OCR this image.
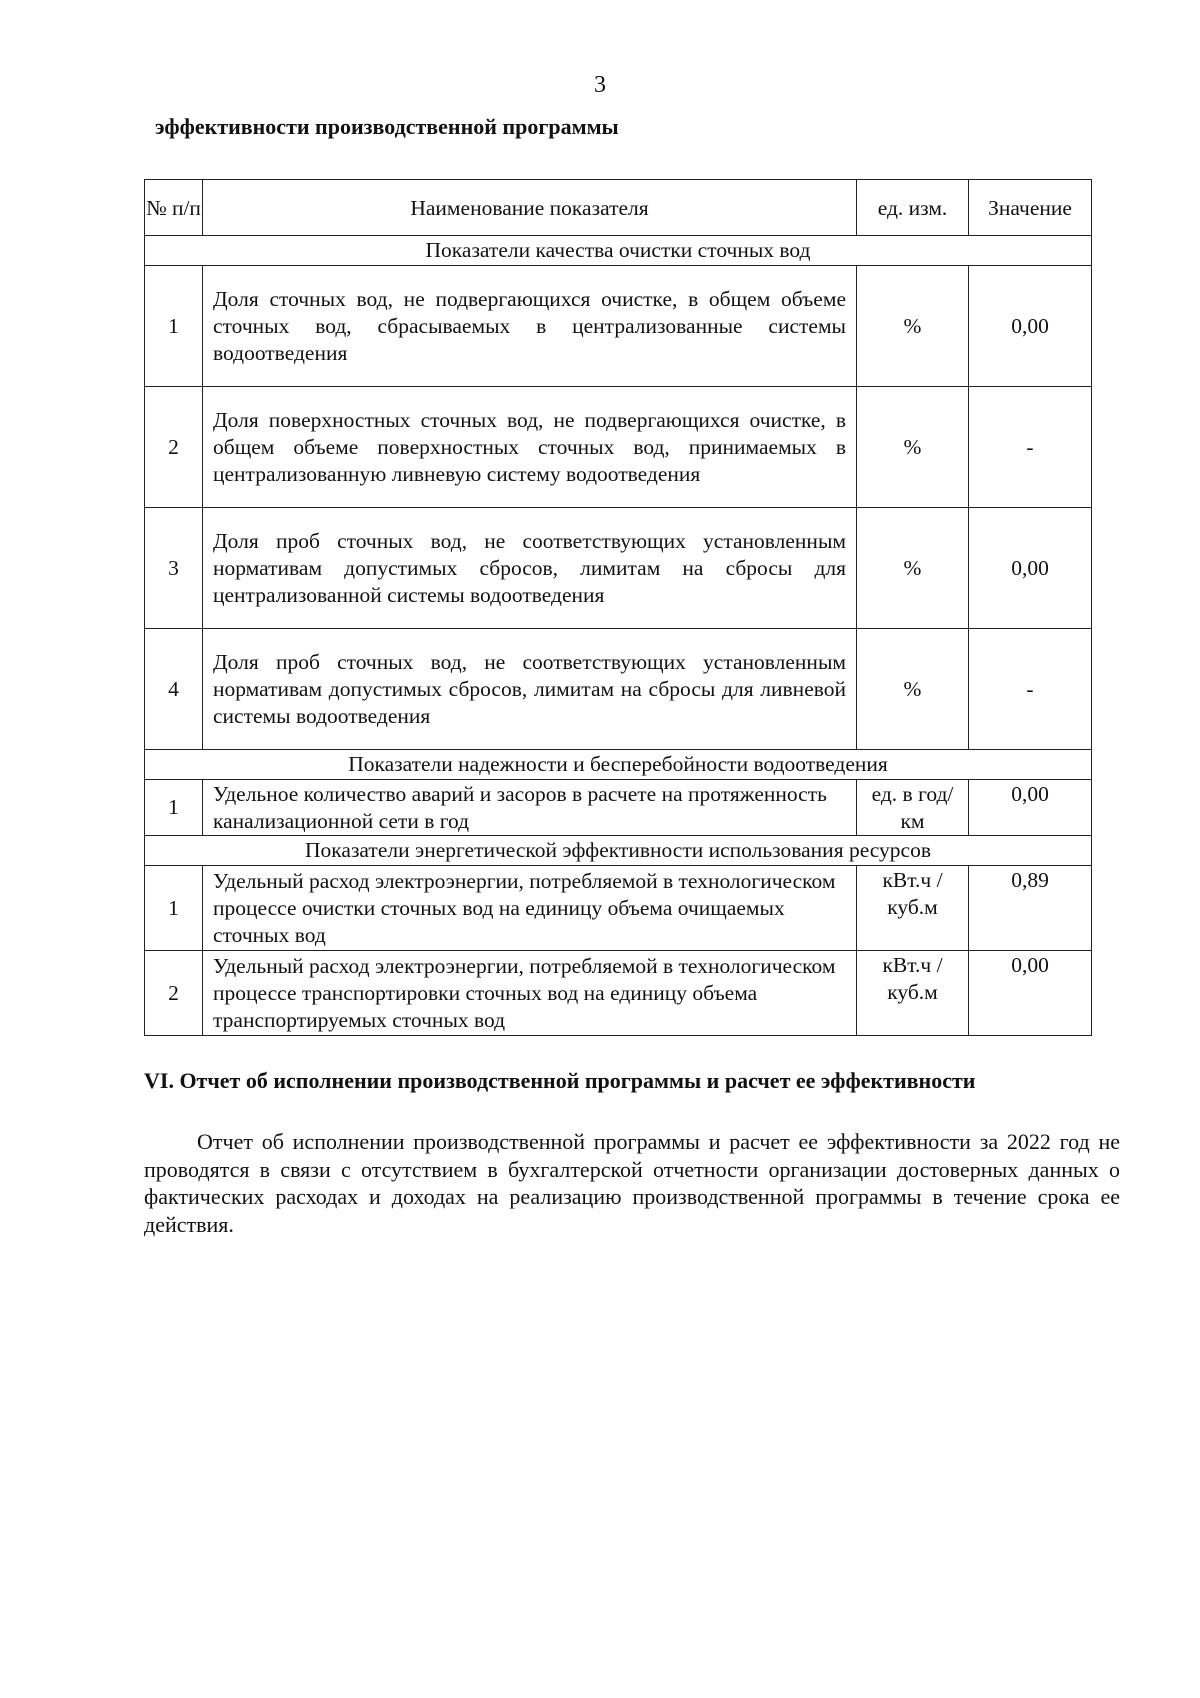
3
эффективности производственной программы
№ п/п	Наименование показателя	ед. изм.	Значение
Показатели качества очистки сточных вод			
1	Доля сточных вод, не подвергающихся очистке, в общем объеме сточных вод, сбрасываемых в централизованные системы водоотведения	%	0,00
2	Доля поверхностных сточных вод, не подвергающихся очистке, в общем объеме поверхностных сточных вод, принимаемых в централизованную ливневую систему водоотведения	%	-
3	Доля проб сточных вод, не соответствующих установленным нормативам допустимых сбросов, лимитам на сбросы для централизованной системы водоотведения	%	0,00
4	Доля проб сточных вод, не соответствующих установленным нормативам допустимых сбросов, лимитам на сбросы для ливневой системы водоотведения	%	-
Показатели надежности и бесперебойности водоотведения			
1	Удельное количество аварий и засоров в расчете на протяженность канализационной сети в год	ед. в год/ км	0,00
Показатели энергетической эффективности использования ресурсов			
1	Удельный расход электроэнергии, потребляемой в технологическом процессе очистки сточных вод на единицу объема очищаемых сточных вод	кВт.ч / куб.м	0,89
2	Удельный расход электроэнергии, потребляемой в технологическом процессе транспортировки сточных вод на единицу объема транспортируемых сточных вод	кВт.ч / куб.м	0,00
VI. Отчет об исполнении производственной программы и расчет ее эффективности

Отчет об исполнении производственной программы и расчет ее эффективности за 2022 год не проводятся в связи с отсутствием в бухгалтерской отчетности организации достоверных данных о фактических расходах и доходах на реализацию производственной программы в течение срока ее действия.
